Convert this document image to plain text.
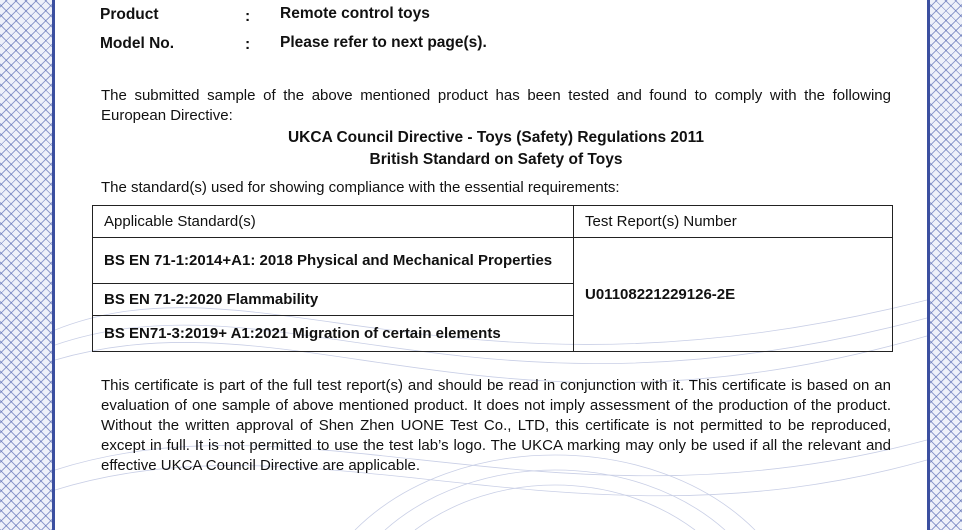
Product	: Remote control toys
Model No.	: Please refer to next page(s).
The submitted sample of the above mentioned product has been tested and found to comply with the following European Directive:
UKCA Council Directive - Toys (Safety) Regulations 2011
British Standard on Safety of Toys
The standard(s) used for showing compliance with the essential requirements:
Applicable Standard(s)	Test Report(s) Number
BS EN 71-1:2014+A1: 2018 Physical and Mechanical Properties	U01108221229126-2E
BS EN 71-2:2020 Flammability	
BS EN71-3:2019+ A1:2021 Migration of certain elements	
This certificate is part of the full test report(s) and should be read in conjunction with it. This certificate is based on an evaluation of one sample of above mentioned product. It does not imply assessment of the production of the product. Without the written approval of Shen Zhen UONE Test Co., LTD, this certificate is not permitted to be reproduced, except in full. It is not permitted to use the test lab’s logo. The UKCA marking may only be used if all the relevant and effective UKCA Council Directive are applicable.
